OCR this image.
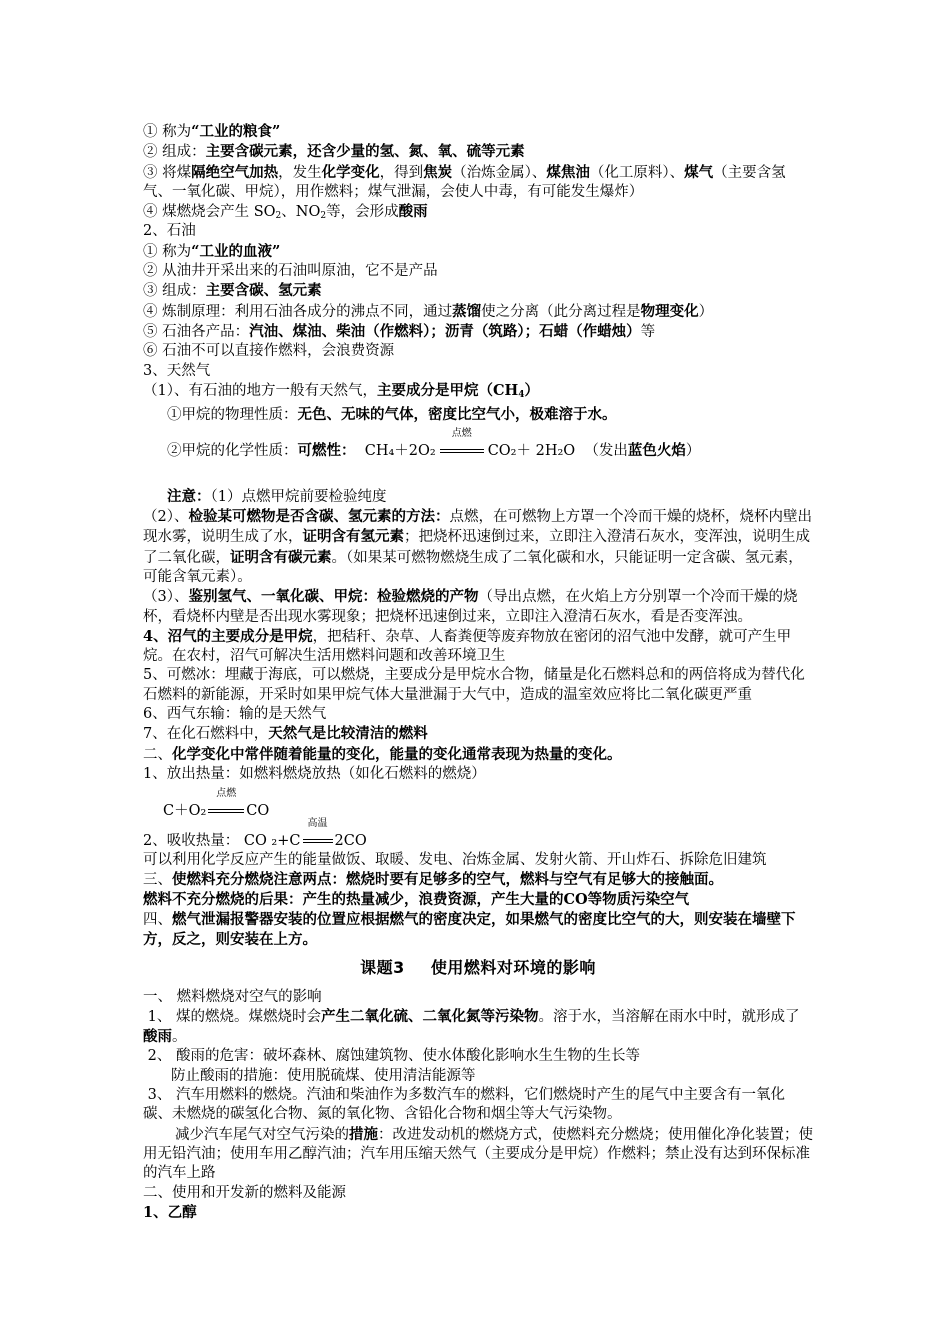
① 称为“工业的粮食”
② 组成：主要含碳元素，还含少量的氢、氮、氧、硫等元素
③ 将煤隔绝空气加热，发生化学变化，得到焦炭（治炼金属）、煤焦油（化工原料）、煤气（主要含氢气、一氧化碳、甲烷），用作燃料；煤气泄漏，会使人中毒，有可能发生爆炸）
④ 煤燃烧会产生 $SO_2$、$NO_2$等，会形成酸雨
2、石油
① 称为“工业的血液”
② 从油井开采出来的石油叫原油，它不是产品
③ 组成：主要含碳、氢元素
④ 炼制原理：利用石油各成分的沸点不同，通过蒸馏使之分离（此分离过程是物理变化）
⑤ 石油各产品：汽油、煤油、柴油（作燃料）；沥青（筑路）；石蜡（作蜡烛）等
⑥ 石油不可以直接作燃料，会浪费资源
3、天然气
（1）、有石油的地方一般有天然气，主要成分是甲烷$(CH_4)$
①甲烷的物理性质：无色、无味的气体，密度比空气小，极难溶于水。
②甲烷的化学性质：可燃性： CH₄＋2O₂
点燃
CO₂＋ 2H₂O （发出蓝色火焰）
注意：（1）点燃甲烷前要检验纯度
（2）、检验某可燃物是否含碳、氢元素的方法：点燃，在可燃物上方罩一个冷而干燥的烧杯，烧杯内壁出现水雾，说明生成了水，证明含有氢元素；把烧杯迅速倒过来，立即注入澄清石灰水，变浑浊，说明生成了二氧化碳，证明含有碳元素。（如果某可燃物燃烧生成了二氧化碳和水，只能证明一定含碳、氢元素，可能含氧元素）。
（3）、鉴别氢气、一氧化碳、甲烷：检验燃烧的产物（导出点燃，在火焰上方分别罩一个冷而干燥的烧杯，看烧杯内壁是否出现水雾现象；把烧杯迅速倒过来，立即注入澄清石灰水，看是否变浑浊。
4、沼气的主要成分是甲烷，把秸秆、杂草、人畜粪便等废弃物放在密闭的沼气池中发酵，就可产生甲烷。在农村，沼气可解决生活用燃料问题和改善环境卫生
5、可燃冰：埋藏于海底，可以燃烧，主要成分是甲烷水合物，储量是化石燃料总和的两倍将成为替代化石燃料的新能源，开采时如果甲烷气体大量泄漏于大气中，造成的温室效应将比二氧化碳更严重
6、西气东输：输的是天然气
7、在化石燃料中，天然气是比较清洁的燃料
二、化学变化中常伴随着能量的变化，能量的变化通常表现为热量的变化。
1、放出热量：如燃料燃烧放热（如化石燃料的燃烧）
C＋O₂
点燃
CO
2、吸收热量： CO ₂+C
高温
2CO
可以利用化学反应产生的能量做饭、取暖、发电、冶炼金属、发射火箭、开山炸石、拆除危旧建筑
三、使燃料充分燃烧注意两点：燃烧时要有足够多的空气，燃料与空气有足够大的接触面。
燃料不充分燃烧的后果：产生的热量减少，浪费资源，产生大量的CO等物质污染空气
四、燃气泄漏报警器安装的位置应根据燃气的密度决定，如果燃气的密度比空气的大，则安装在墙壁下方，反之，则安装在上方。
课题3 使用燃料对环境的影响
一、 燃料燃烧对空气的影响
1、 煤的燃烧。煤燃烧时会产生二氧化硫、二氧化氮等污染物。溶于水，当溶解在雨水中时，就形成了酸雨。
2、 酸雨的危害：破坏森林、腐蚀建筑物、使水体酸化影响水生生物的生长等
防止酸雨的措施：使用脱硫煤、使用清洁能源等
3、 汽车用燃料的燃烧。汽油和柴油作为多数汽车的燃料，它们燃烧时产生的尾气中主要含有一氧化碳、未燃烧的碳氢化合物、氮的氧化物、含铅化合物和烟尘等大气污染物。
减少汽车尾气对空气污染的措施：改进发动机的燃烧方式，使燃料充分燃烧；使用催化净化装置；使用无铅汽油；使用车用乙醇汽油；汽车用压缩天然气（主要成分是甲烷）作燃料；禁止没有达到环保标准的汽车上路
二、使用和开发新的燃料及能源
1、乙醇
